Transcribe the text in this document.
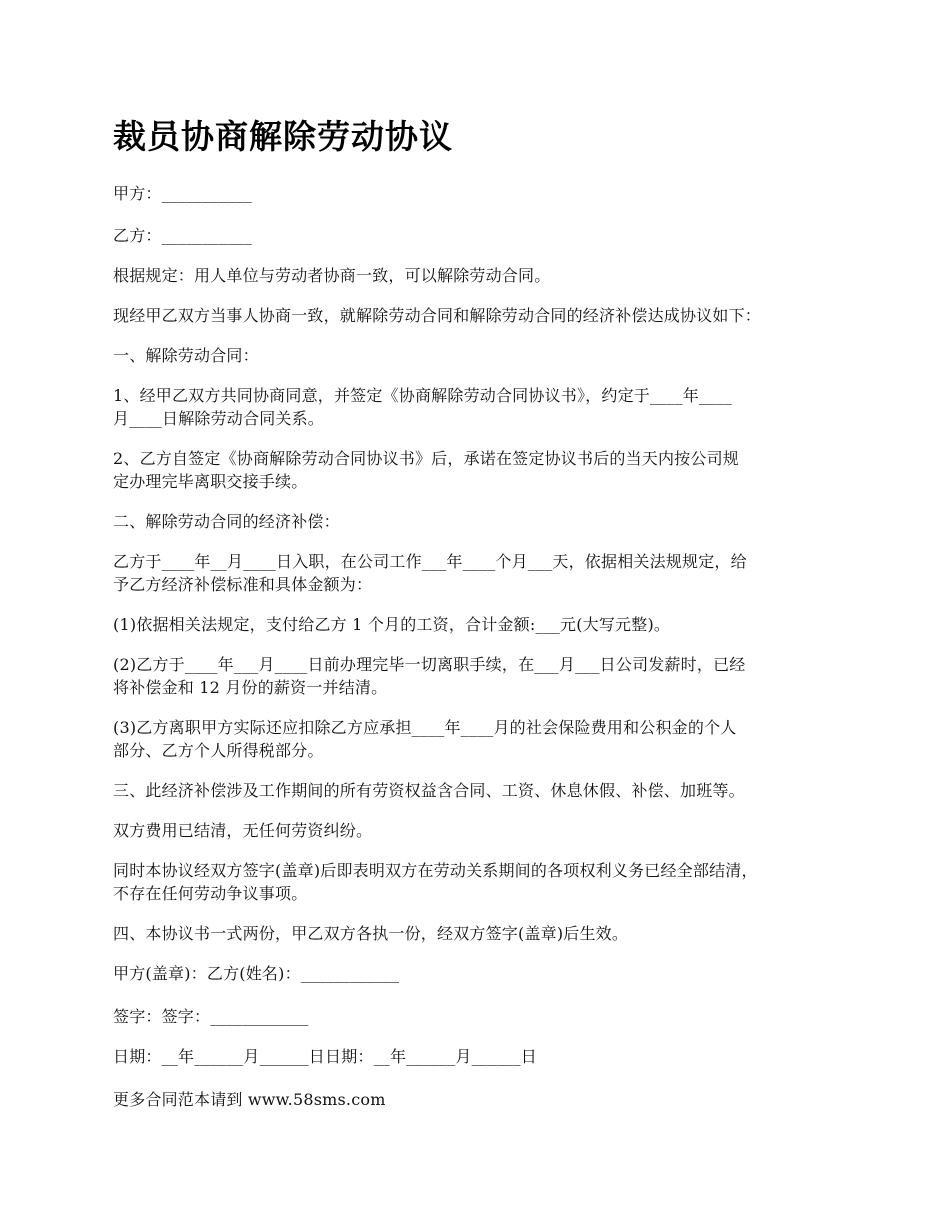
裁员协商解除劳动协议

甲方：___________

乙方：___________

根据规定：用人单位与劳动者协商一致，可以解除劳动合同。

现经甲乙双方当事人协商一致，就解除劳动合同和解除劳动合同的经济补偿达成协议如下：

一、解除劳动合同：

1、经甲乙双方共同协商同意，并签定《协商解除劳动合同协议书》，约定于____年____
月____日解除劳动合同关系。

2、乙方自签定《协商解除劳动合同协议书》后，承诺在签定协议书后的当天内按公司规
定办理完毕离职交接手续。

二、解除劳动合同的经济补偿：

乙方于____年__月____日入职，在公司工作___年____个月___天，依据相关法规规定，给
予乙方经济补偿标准和具体金额为：

(1)依据相关法规定，支付给乙方 1 个月的工资，合计金额:___元(大写元整)。

(2)乙方于____年___月____日前办理完毕一切离职手续，在___月___日公司发薪时，已经
将补偿金和 12 月份的薪资一并结清。

(3)乙方离职甲方实际还应扣除乙方应承担____年____月的社会保险费用和公积金的个人
部分、乙方个人所得税部分。

三、此经济补偿涉及工作期间的所有劳资权益含合同、工资、休息休假、补偿、加班等。

双方费用已结清，无任何劳资纠纷。

同时本协议经双方签字(盖章)后即表明双方在劳动关系期间的各项权利义务已经全部结清，
不存在任何劳动争议事项。

四、本协议书一式两份，甲乙双方各执一份，经双方签字(盖章)后生效。

甲方(盖章)：乙方(姓名)：____________

签字：签字：____________

日期：__年______月______日日期：__年______月______日

更多合同范本请到 www.58sms.com
